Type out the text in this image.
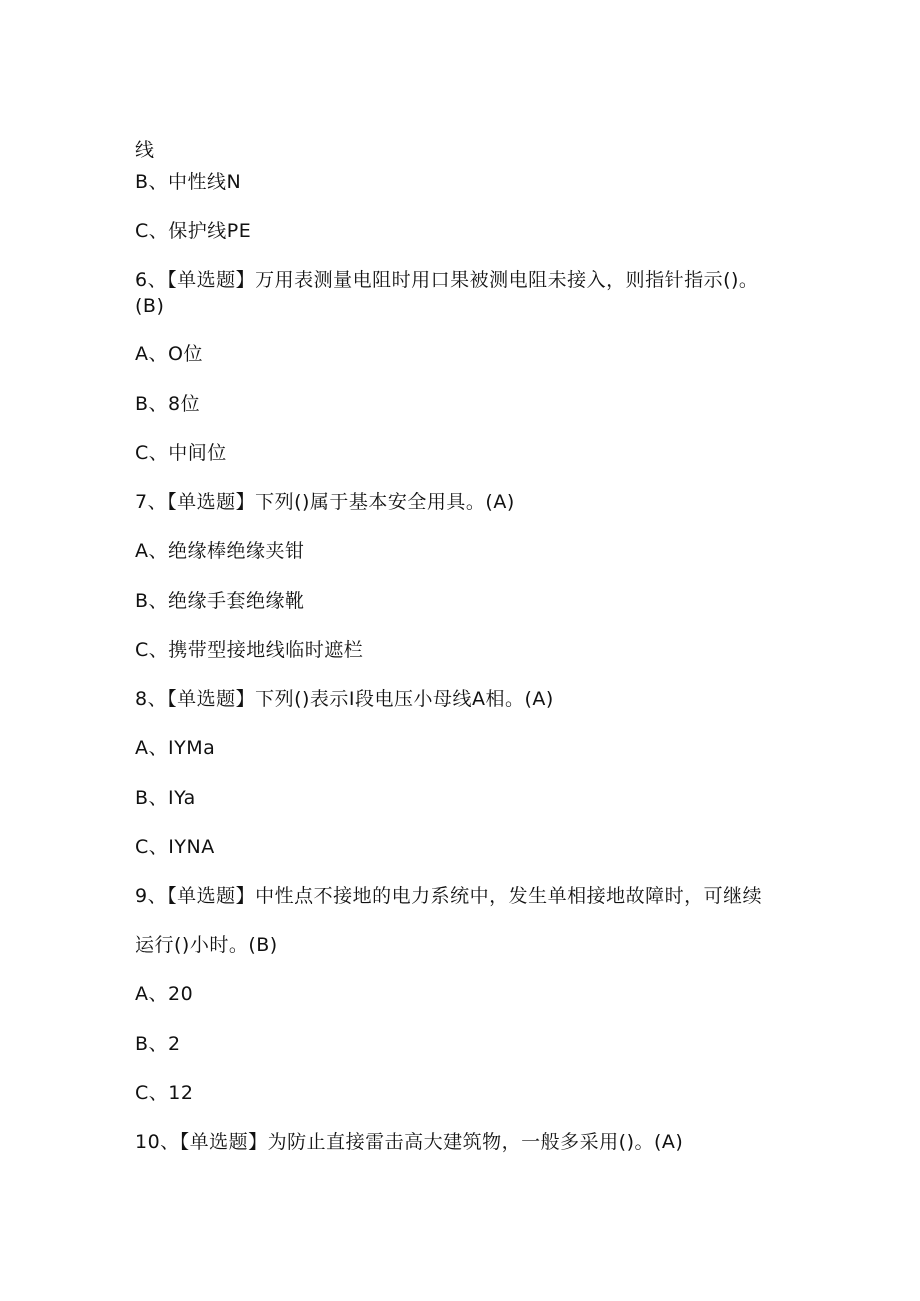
线
B、中性线N
C、保护线PE
6、【单选题】万用表测量电阻时用口果被测电阻未接入，则指针指示()。
(B)
A、O位
B、8位
C、中间位
7、【单选题】下列()属于基本安全用具。(A)
A、绝缘棒绝缘夹钳
B、绝缘手套绝缘靴
C、携带型接地线临时遮栏
8、【单选题】下列()表示I段电压小母线A相。(A)
A、IYMa
B、IYa
C、IYNA
9、【单选题】中性点不接地的电力系统中，发生单相接地故障时，可继续
运行()小时。(B)
A、20
B、2
C、12
10、【单选题】为防止直接雷击高大建筑物，一般多采用()。(A)
